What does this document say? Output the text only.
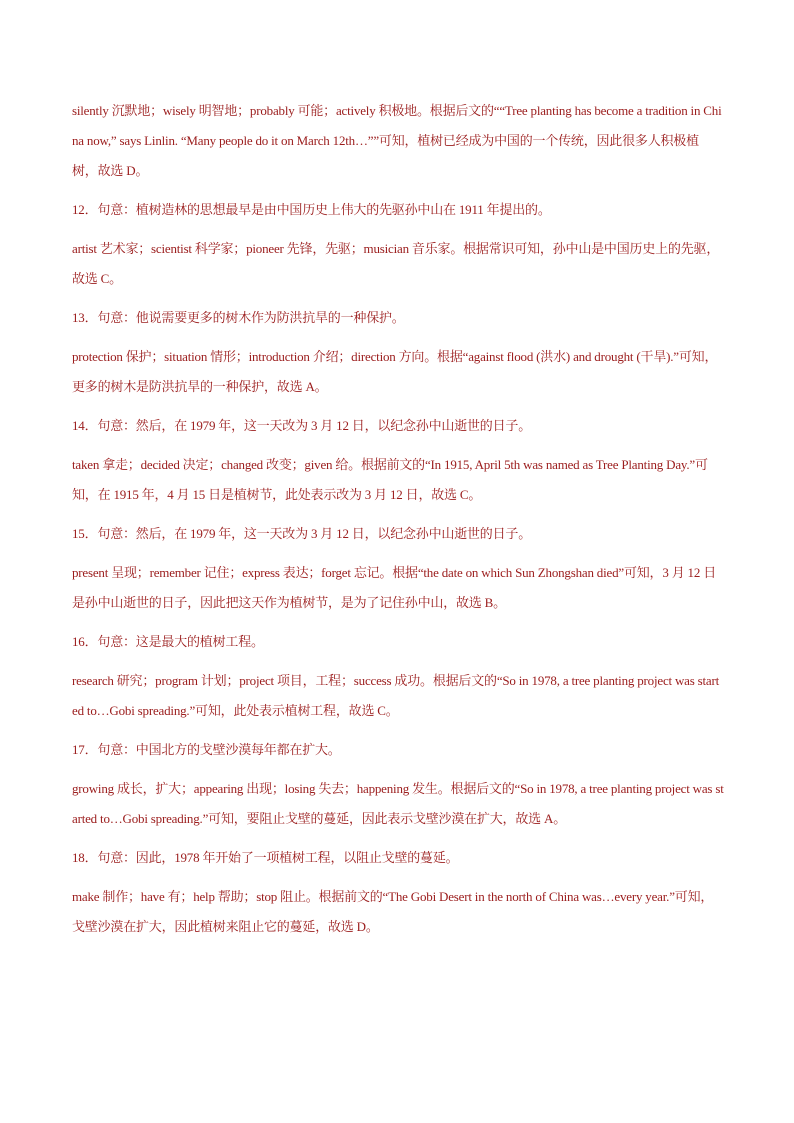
silently 沉默地；wisely 明智地；probably 可能；actively 积极地。根据后文的““Tree planting has become a tradition in China now,” says Linlin. “Many people do it on March 12th…””可知，植树已经成为中国的一个传统，因此很多人积极植树，故选 D。

12．句意：植树造林的思想最早是由中国历史上伟大的先驱孙中山在 1911 年提出的。

artist 艺术家；scientist 科学家；pioneer 先锋，先驱；musician 音乐家。根据常识可知，孙中山是中国历史上的先驱，故选 C。

13．句意：他说需要更多的树木作为防洪抗旱的一种保护。

protection 保护；situation 情形；introduction 介绍；direction 方向。根据“against flood (洪水) and drought (干旱).”可知，更多的树木是防洪抗旱的一种保护，故选 A。

14．句意：然后，在 1979 年，这一天改为 3 月 12 日，以纪念孙中山逝世的日子。

taken 拿走；decided 决定；changed 改变；given 给。根据前文的“In 1915, April 5th was named as Tree Planting Day.”可知，在 1915 年，4 月 15 日是植树节，此处表示改为 3 月 12 日，故选 C。

15．句意：然后，在 1979 年，这一天改为 3 月 12 日，以纪念孙中山逝世的日子。

present 呈现；remember 记住；express 表达；forget 忘记。根据“the date on which Sun Zhongshan died”可知，3 月 12 日是孙中山逝世的日子，因此把这天作为植树节，是为了记住孙中山，故选 B。

16．句意：这是最大的植树工程。

research 研究；program 计划；project 项目，工程；success 成功。根据后文的“So in 1978, a tree planting project was started to…Gobi spreading.”可知，此处表示植树工程，故选 C。

17．句意：中国北方的戈壁沙漠每年都在扩大。

growing 成长，扩大；appearing 出现；losing 失去；happening 发生。根据后文的“So in 1978, a tree planting project was started to…Gobi spreading.”可知，要阻止戈壁的蔓延，因此表示戈壁沙漠在扩大，故选 A。

18．句意：因此，1978 年开始了一项植树工程，以阻止戈壁的蔓延。

make 制作；have 有；help 帮助；stop 阻止。根据前文的“The Gobi Desert in the north of China was…every year.”可知，戈壁沙漠在扩大，因此植树来阻止它的蔓延，故选 D。
